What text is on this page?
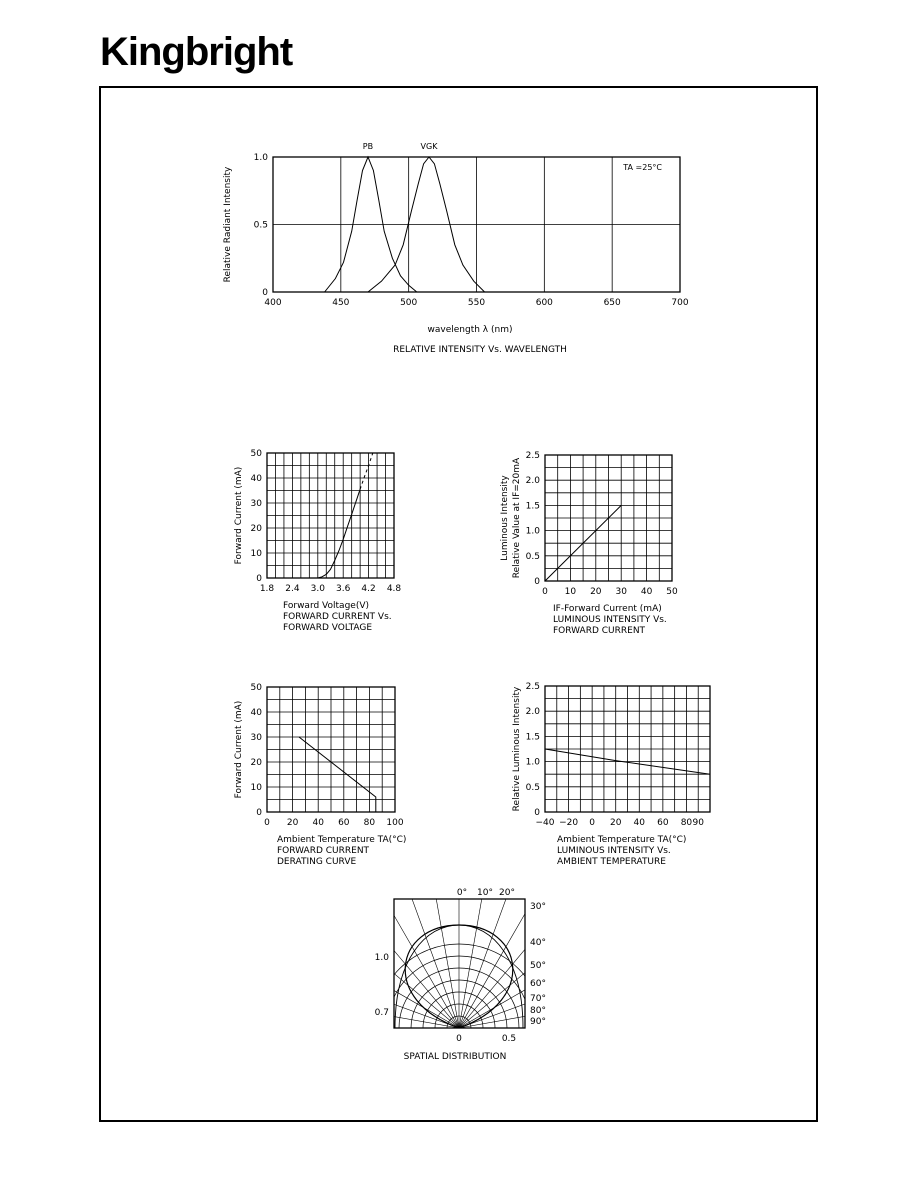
Kingbright
400	450	500	550	600	650	700
0
0.5
1.0
PB	VGK
wavelength λ (nm)
RELATIVE INTENSITY Vs. WAVELENGTH
Relative Radiant Intensity	TA =25°C
1.8 2.4 3.0 3.6 4.2 4.8
0
10
20
30
40
50
Forward Voltage(V)
FORWARD CURRENT Vs.
FORWARD VOLTAGE
Forward Current (mA)
0 10 20 30 40 50
0
0.5
1.0
1.5
2.0
2.5
IF-Forward Current (mA)
LUMINOUS INTENSITY Vs.
FORWARD CURRENT
Luminous Intensity Relative Value at IF=20mA
0 20 40 60 80 100
0
10
20
30
40
50
Ambient Temperature TA(°C)
FORWARD CURRENT
DERATING CURVE
Forward Current (mA)
−40 −20 0 20 40 60 80 90
0
0.5
1.0
1.5
2.0
2.5
Ambient Temperature TA(°C)
LUMINOUS INTENSITY Vs.
AMBIENT TEMPERATURE
Relative Luminous Intensity
0° 10° 20°
30°
40°
50°
60°
70°
80°
90°
1.0
0.7
0	0.5
SPATIAL DISTRIBUTION
